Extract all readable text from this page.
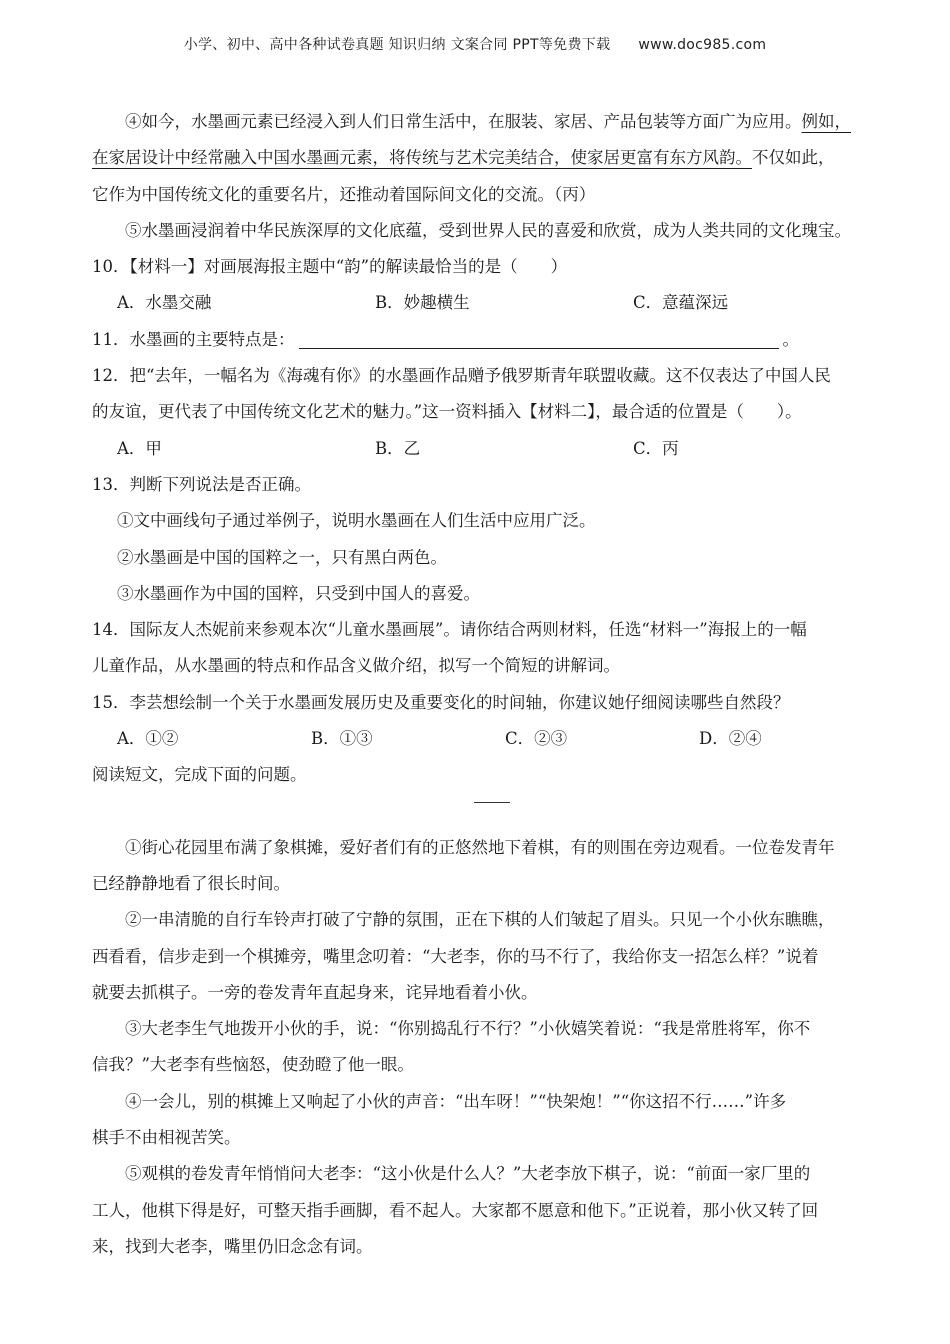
小学、初中、高中各种试卷真题 知识归纳 文案合同 PPT等免费下载 www.doc985.com

④如今，水墨画元素已经浸入到人们日常生活中，在服装、家居、产品包装等方面广为应用。例如，

在家居设计中经常融入中国水墨画元素，将传统与艺术完美结合，使家居更富有东方风韵。不仅如此，

它作为中国传统文化的重要名片，还推动着国际间文化的交流。（丙）

⑤水墨画浸润着中华民族深厚的文化底蕴，受到世界人民的喜爱和欣赏，成为人类共同的文化瑰宝。

10．【材料一】对画展海报主题中“韵”的解读最恰当的是（　　）

A．水墨交融	B．妙趣横生	C．意蕴深远

11．水墨画的主要特点是：	。

12．把“去年，一幅名为《海魂有你》的水墨画作品赠予俄罗斯青年联盟收藏。这不仅表达了中国人民

的友谊，更代表了中国传统文化艺术的魅力。”这一资料插入【材料二】，最合适的位置是（　　）。

A．甲	B．乙	C．丙

13．判断下列说法是否正确。

①文中画线句子通过举例子，说明水墨画在人们生活中应用广泛。

②水墨画是中国的国粹之一，只有黑白两色。

③水墨画作为中国的国粹，只受到中国人的喜爱。

14．国际友人杰妮前来参观本次“儿童水墨画展”。请你结合两则材料，任选“材料一”海报上的一幅

儿童作品，从水墨画的特点和作品含义做介绍，拟写一个简短的讲解词。

15．李芸想绘制一个关于水墨画发展历史及重要变化的时间轴，你建议她仔细阅读哪些自然段？

A．①②	B．①③	C．②③	D．②④

阅读短文，完成下面的问题。

①街心花园里布满了象棋摊，爱好者们有的正悠然地下着棋，有的则围在旁边观看。一位卷发青年

已经静静地看了很长时间。

②一串清脆的自行车铃声打破了宁静的氛围，正在下棋的人们皱起了眉头。只见一个小伙东瞧瞧，

西看看，信步走到一个棋摊旁，嘴里念叨着：“大老李，你的马不行了，我给你支一招怎么样？”说着

就要去抓棋子。一旁的卷发青年直起身来，诧异地看着小伙。

③大老李生气地拨开小伙的手，说：“你别捣乱行不行？”小伙嬉笑着说：“我是常胜将军，你不

信我？”大老李有些恼怒，使劲瞪了他一眼。

④一会儿，别的棋摊上又响起了小伙的声音：“出车呀！”“快架炮！”“你这招不行……”许多

棋手不由相视苦笑。

⑤观棋的卷发青年悄悄问大老李：“这小伙是什么人？”大老李放下棋子，说：“前面一家厂里的

工人，他棋下得是好，可整天指手画脚，看不起人。大家都不愿意和他下。”正说着，那小伙又转了回

来，找到大老李，嘴里仍旧念念有词。
